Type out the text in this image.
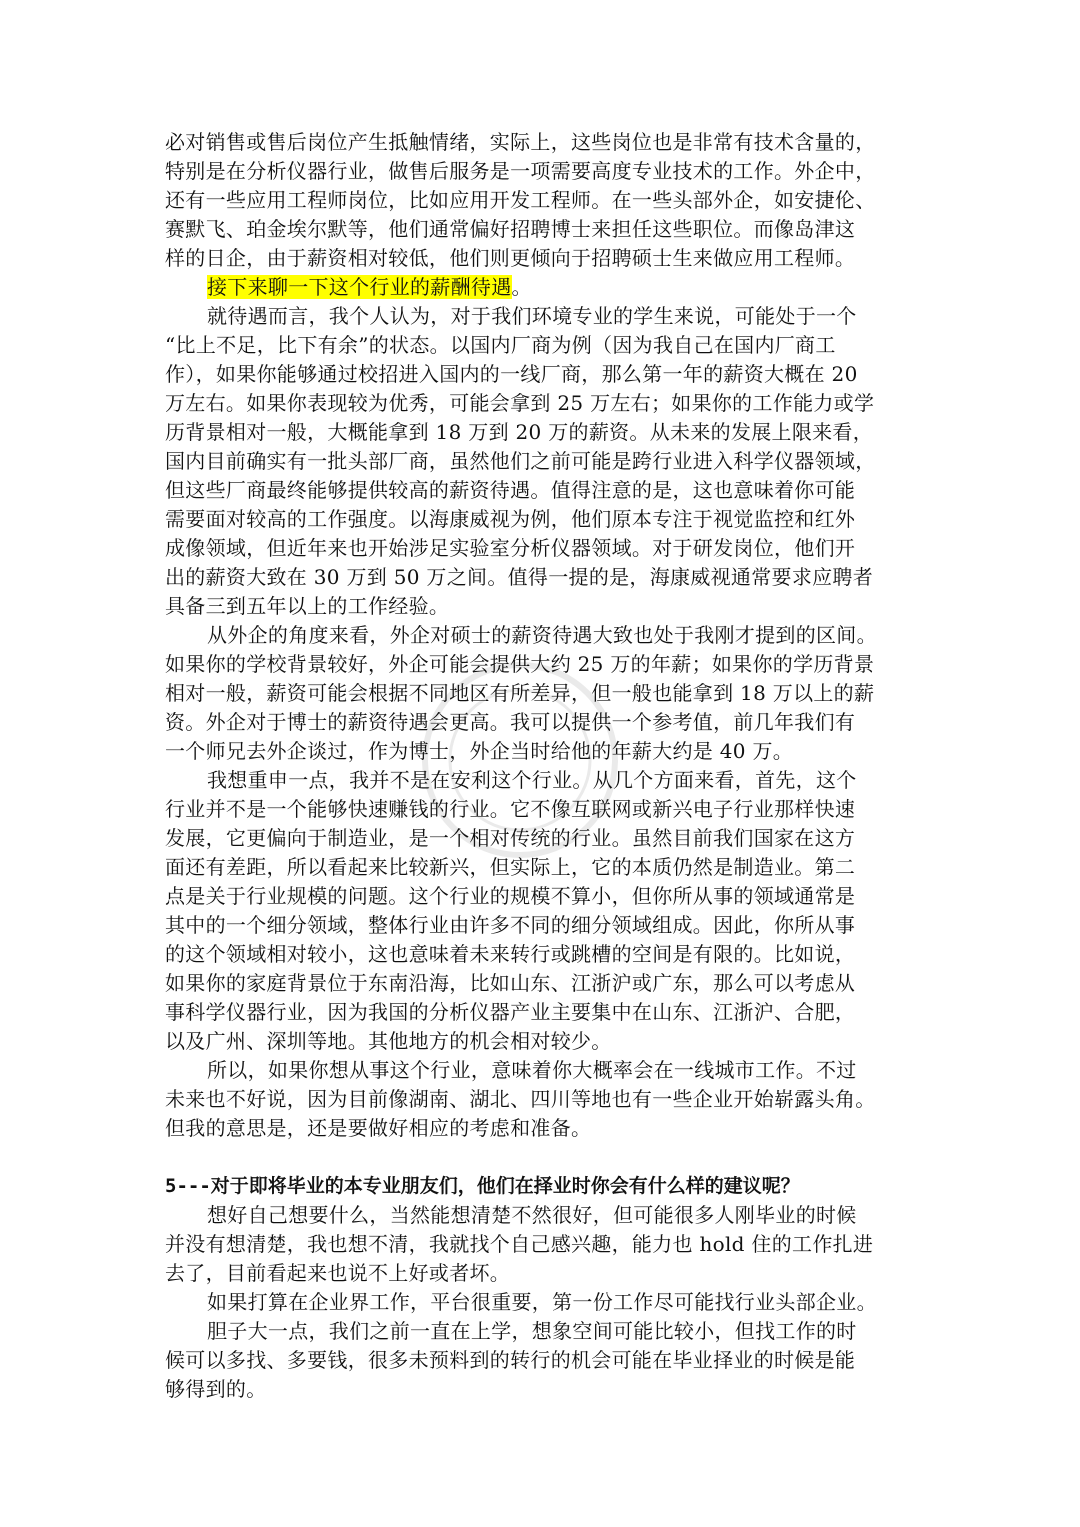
必对销售或售后岗位产生抵触情绪，实际上，这些岗位也是非常有技术含量的，
特别是在分析仪器行业，做售后服务是一项需要高度专业技术的工作。外企中，
还有一些应用工程师岗位，比如应用开发工程师。在一些头部外企，如安捷伦、
赛默飞、珀金埃尔默等，他们通常偏好招聘博士来担任这些职位。而像岛津这
样的日企，由于薪资相对较低，他们则更倾向于招聘硕士生来做应用工程师。
接下来聊一下这个行业的薪酬待遇。
就待遇而言，我个人认为，对于我们环境专业的学生来说，可能处于一个
“比上不足，比下有余”的状态。以国内厂商为例（因为我自己在国内厂商工
作），如果你能够通过校招进入国内的一线厂商，那么第一年的薪资大概在 20
万左右。如果你表现较为优秀，可能会拿到 25 万左右；如果你的工作能力或学
历背景相对一般，大概能拿到 18 万到 20 万的薪资。从未来的发展上限来看，
国内目前确实有一批头部厂商，虽然他们之前可能是跨行业进入科学仪器领域，
但这些厂商最终能够提供较高的薪资待遇。值得注意的是，这也意味着你可能
需要面对较高的工作强度。以海康威视为例，他们原本专注于视觉监控和红外
成像领域，但近年来也开始涉足实验室分析仪器领域。对于研发岗位，他们开
出的薪资大致在 30 万到 50 万之间。值得一提的是，海康威视通常要求应聘者
具备三到五年以上的工作经验。
从外企的角度来看，外企对硕士的薪资待遇大致也处于我刚才提到的区间。
如果你的学校背景较好，外企可能会提供大约 25 万的年薪；如果你的学历背景
相对一般，薪资可能会根据不同地区有所差异，但一般也能拿到 18 万以上的薪
资。外企对于博士的薪资待遇会更高。我可以提供一个参考值，前几年我们有
一个师兄去外企谈过，作为博士，外企当时给他的年薪大约是 40 万。
我想重申一点，我并不是在安利这个行业。从几个方面来看，首先，这个
行业并不是一个能够快速赚钱的行业。它不像互联网或新兴电子行业那样快速
发展，它更偏向于制造业，是一个相对传统的行业。虽然目前我们国家在这方
面还有差距，所以看起来比较新兴，但实际上，它的本质仍然是制造业。第二
点是关于行业规模的问题。这个行业的规模不算小，但你所从事的领域通常是
其中的一个细分领域，整体行业由许多不同的细分领域组成。因此，你所从事
的这个领域相对较小，这也意味着未来转行或跳槽的空间是有限的。比如说，
如果你的家庭背景位于东南沿海，比如山东、江浙沪或广东，那么可以考虑从
事科学仪器行业，因为我国的分析仪器产业主要集中在山东、江浙沪、合肥，
以及广州、深圳等地。其他地方的机会相对较少。
所以，如果你想从事这个行业，意味着你大概率会在一线城市工作。不过
未来也不好说，因为目前像湖南、湖北、四川等地也有一些企业开始崭露头角。
但我的意思是，还是要做好相应的考虑和准备。
5---对于即将毕业的本专业朋友们，他们在择业时你会有什么样的建议呢？
想好自己想要什么，当然能想清楚不然很好，但可能很多人刚毕业的时候
并没有想清楚，我也想不清，我就找个自己感兴趣，能力也 hold 住的工作扎进
去了，目前看起来也说不上好或者坏。
如果打算在企业界工作，平台很重要，第一份工作尽可能找行业头部企业。
胆子大一点，我们之前一直在上学，想象空间可能比较小，但找工作的时
候可以多找、多要钱，很多未预料到的转行的机会可能在毕业择业的时候是能
够得到的。
